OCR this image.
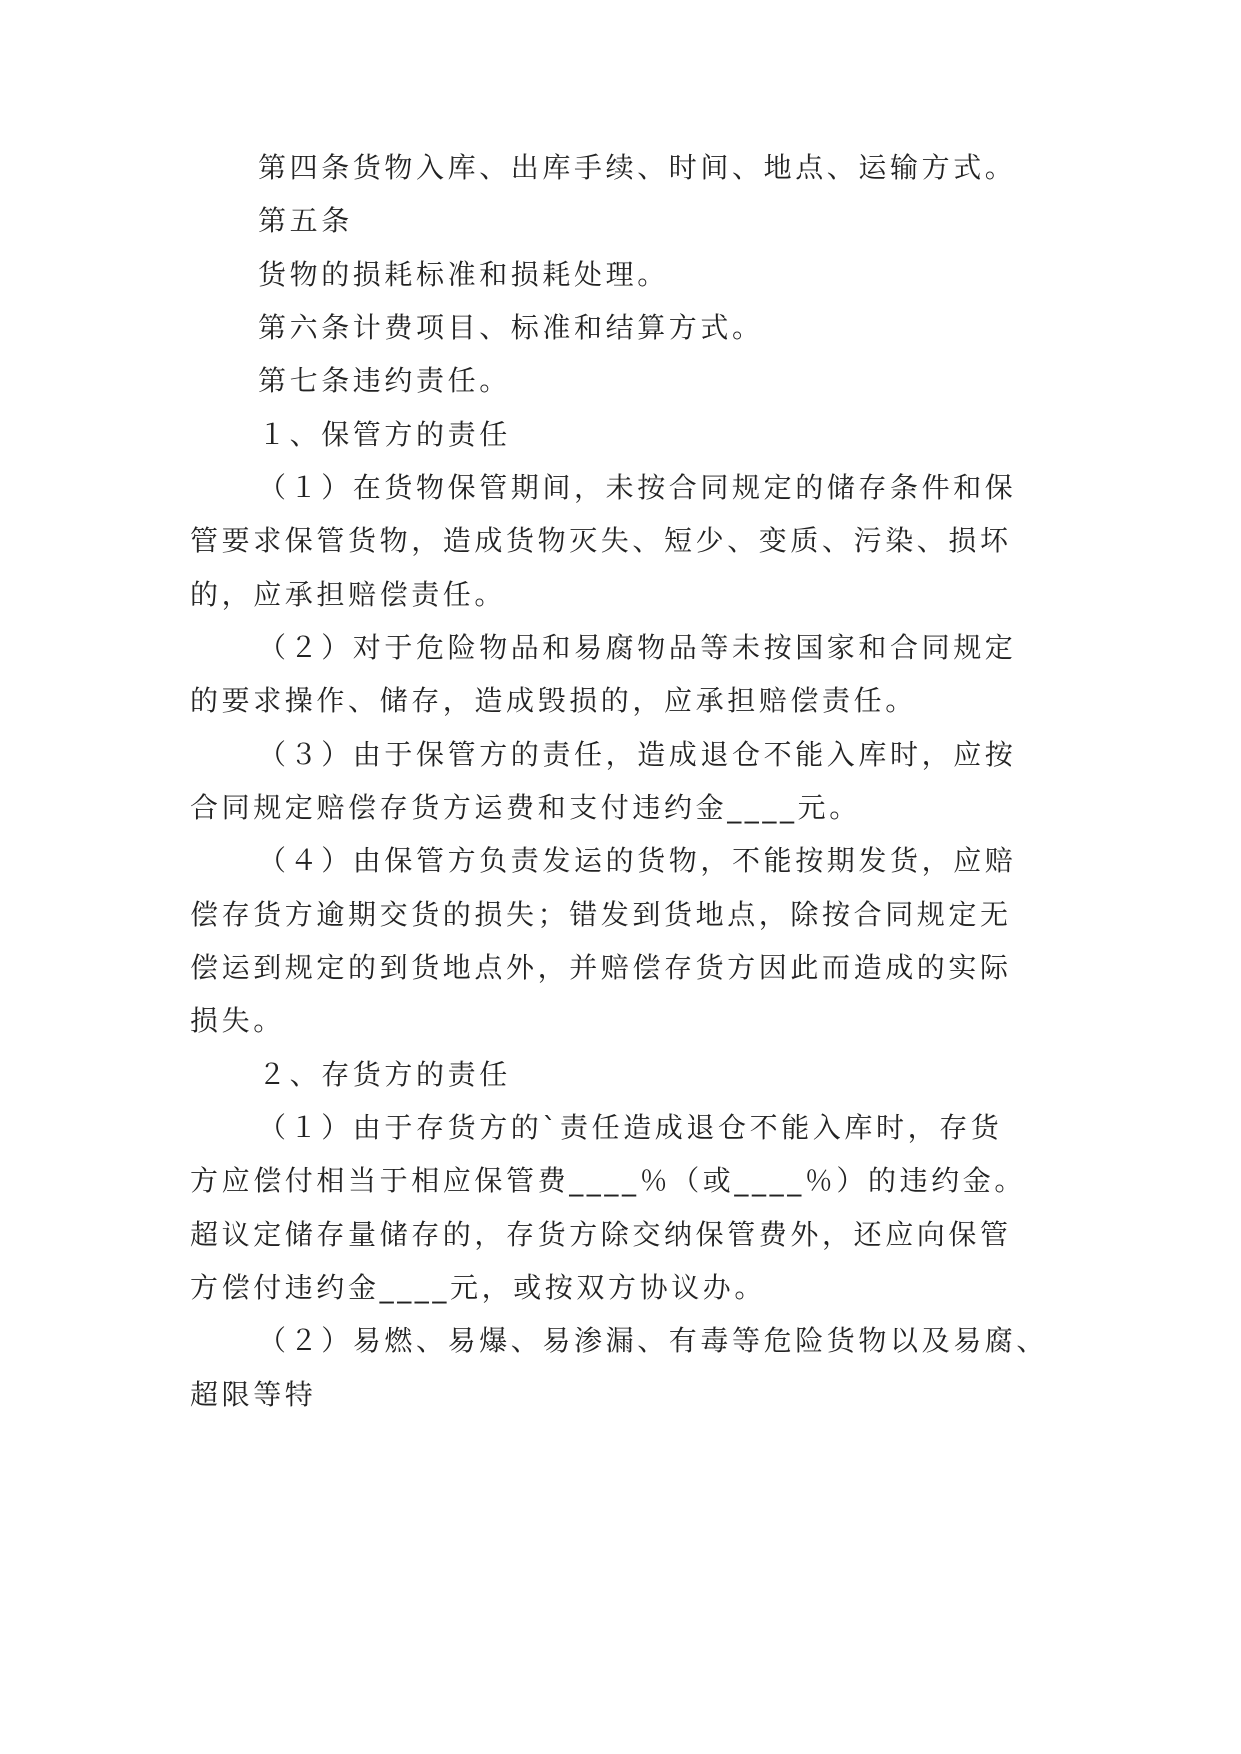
第四条货物入库、出库手续、时间、地点、运输方式。
第五条
货物的损耗标准和损耗处理。
第六条计费项目、标准和结算方式。
第七条违约责任。
１、保管方的责任
（１）在货物保管期间，未按合同规定的储存条件和保
管要求保管货物，造成货物灭失、短少、变质、污染、损坏
的，应承担赔偿责任。
（２）对于危险物品和易腐物品等未按国家和合同规定
的要求操作、储存，造成毁损的，应承担赔偿责任。
（３）由于保管方的责任，造成退仓不能入库时，应按
合同规定赔偿存货方运费和支付违约金____元。
（４）由保管方负责发运的货物，不能按期发货，应赔
偿存货方逾期交货的损失；错发到货地点，除按合同规定无
偿运到规定的到货地点外，并赔偿存货方因此而造成的实际
损失。
２、存货方的责任
（１）由于存货方的`责任造成退仓不能入库时，存货
方应偿付相当于相应保管费____％（或____％）的违约金。
超议定储存量储存的，存货方除交纳保管费外，还应向保管
方偿付违约金____元，或按双方协议办。
（２）易燃、易爆、易渗漏、有毒等危险货物以及易腐、
超限等特
